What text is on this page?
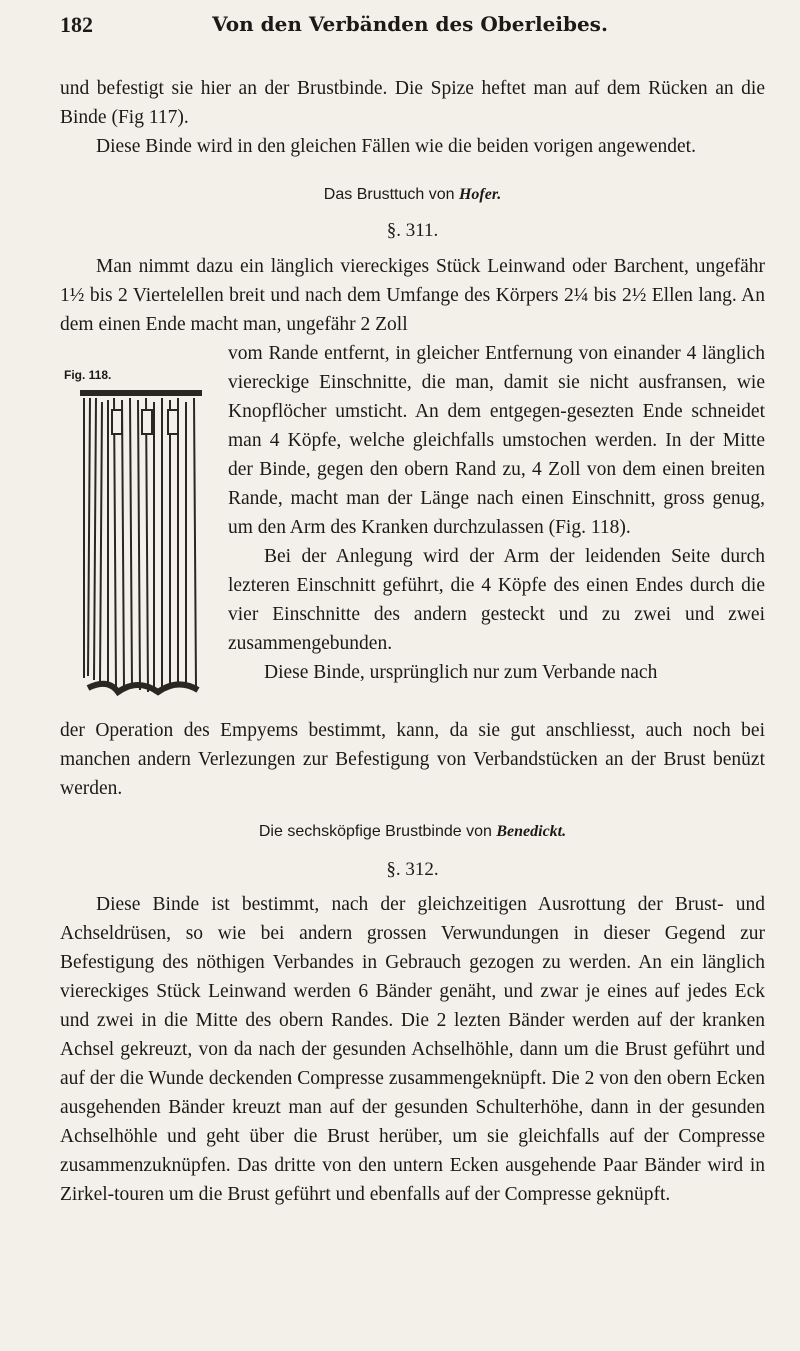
182	Von den Verbänden des Oberleibes.

und befestigt sie hier an der Brustbinde. Die Spize heftet man auf dem Rücken an die Binde (Fig 117).

Diese Binde wird in den gleichen Fällen wie die beiden vorigen angewendet.

Das Brusttuch von Hofer.
§. 311.

Man nimmt dazu ein länglich viereckiges Stück Leinwand oder Barchent, ungefähr 1½ bis 2 Viertelellen breit und nach dem Umfange des Körpers 2¼ bis 2½ Ellen lang. An dem einen Ende macht man, ungefähr 2 Zoll

Fig. 118.

vom Rande entfernt, in gleicher Entfernung von einander 4 länglich viereckige Einschnitte, die man, damit sie nicht ausfransen, wie Knopflöcher umsticht. An dem entgegen-gesezten Ende schneidet man 4 Köpfe, welche gleichfalls umstochen werden. In der Mitte der Binde, gegen den obern Rand zu, 4 Zoll von dem einen breiten Rande, macht man der Länge nach einen Einschnitt, gross genug, um den Arm des Kranken durchzulassen (Fig. 118).

Bei der Anlegung wird der Arm der leidenden Seite durch lezteren Einschnitt geführt, die 4 Köpfe des einen Endes durch die vier Einschnitte des andern gesteckt und zu zwei und zwei zusammengebunden.

Diese Binde, ursprünglich nur zum Verbande nach

der Operation des Empyems bestimmt, kann, da sie gut anschliesst, auch noch bei manchen andern Verlezungen zur Befestigung von Verbandstücken an der Brust benüzt werden.

Die sechsköpfige Brustbinde von Benedickt.
§. 312.

Diese Binde ist bestimmt, nach der gleichzeitigen Ausrottung der Brust- und Achseldrüsen, so wie bei andern grossen Verwundungen in dieser Gegend zur Befestigung des nöthigen Verbandes in Gebrauch gezogen zu werden. An ein länglich viereckiges Stück Leinwand werden 6 Bänder genäht, und zwar je eines auf jedes Eck und zwei in die Mitte des obern Randes. Die 2 lezten Bänder werden auf der kranken Achsel gekreuzt, von da nach der gesunden Achselhöhle, dann um die Brust geführt und auf der die Wunde deckenden Compresse zusammengeknüpft. Die 2 von den obern Ecken ausgehenden Bänder kreuzt man auf der gesunden Schulterhöhe, dann in der gesunden Achselhöhle und geht über die Brust herüber, um sie gleichfalls auf der Compresse zusammenzuknüpfen. Das dritte von den untern Ecken ausgehende Paar Bänder wird in Zirkel-touren um die Brust geführt und ebenfalls auf der Compresse geknüpft.
